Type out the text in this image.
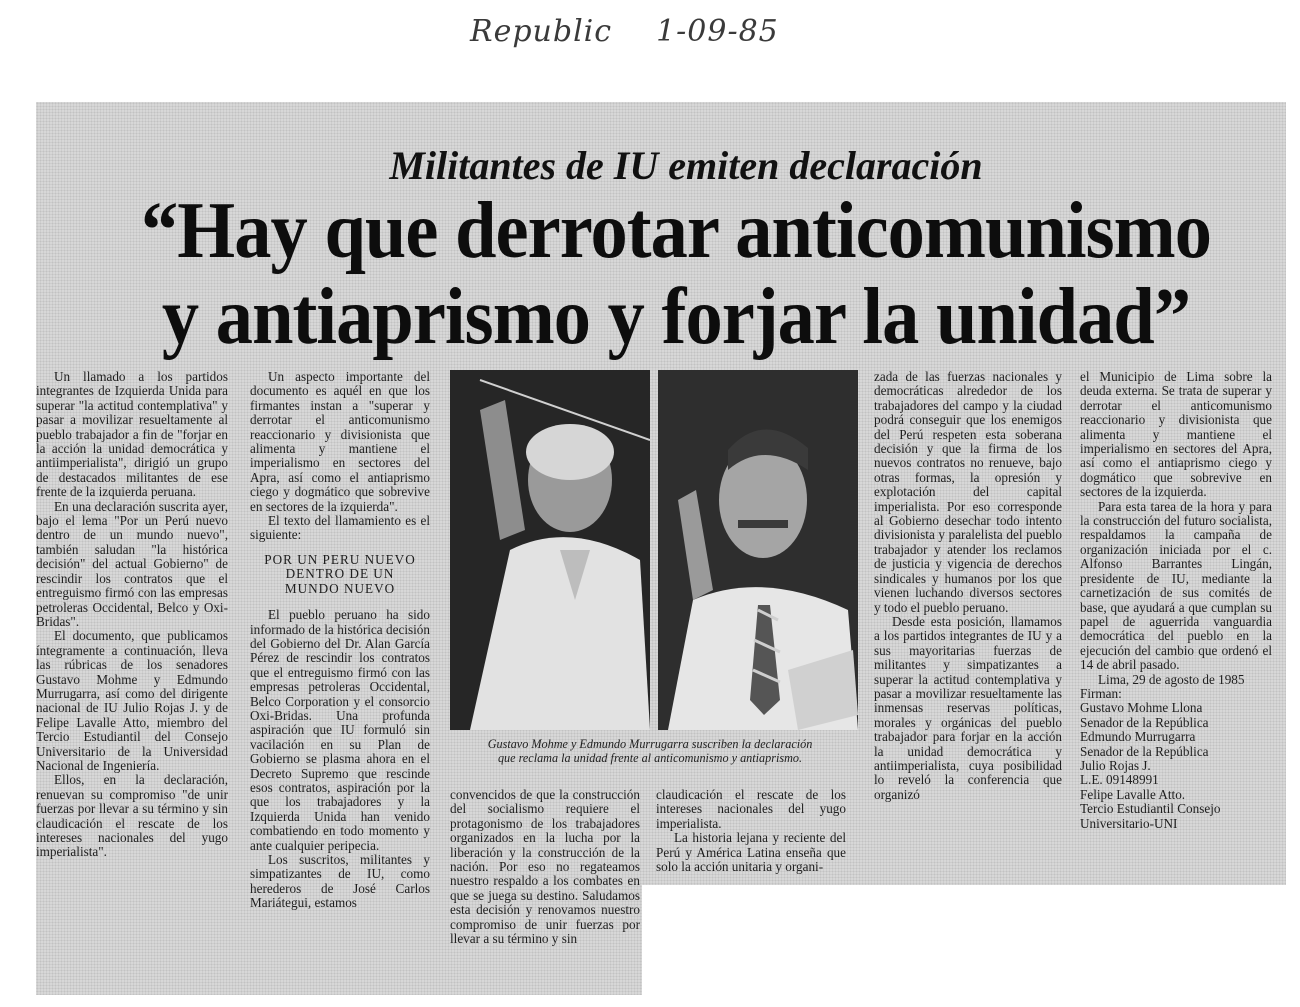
Republic 1-09-85
Militantes de IU emiten declaración
“Hay que derrotar anticomunismo
y antiaprismo y forjar la unidad”

Un llamado a los partidos integrantes de Izquierda Unida para superar "la actitud contemplativa" y pasar a movilizar resueltamente al pueblo trabajador a fin de "forjar en la acción la unidad democrática y antiimperialista", dirigió un grupo de destacados militantes de ese frente de la izquierda peruana.

En una declaración suscrita ayer, bajo el lema "Por un Perú nuevo dentro de un mundo nuevo", también saludan "la histórica decisión" del actual Gobierno" de rescindir los contratos que el entreguismo firmó con las empresas petroleras Occidental, Belco y Oxi-Bridas".

El documento, que publicamos íntegramente a continuación, lleva las rúbricas de los senadores Gustavo Mohme y Edmundo Murrugarra, así como del dirigente nacional de IU Julio Rojas J. y de Felipe Lavalle Atto, miembro del Tercio Estudiantil del Consejo Universitario de la Universidad Nacional de Ingeniería.

Ellos, en la declaración, renuevan su compromiso "de unir fuerzas por llevar a su término y sin claudicación el rescate de los intereses nacionales del yugo imperialista".

Un aspecto importante del documento es aquél en que los firmantes instan a "superar y derrotar el anticomunismo reaccionario y divisionista que alimenta y mantiene el imperialismo en sectores del Apra, así como el antiaprismo ciego y dogmático que sobrevive en sectores de la izquierda".

El texto del llamamiento es el siguiente:

POR UN PERU NUEVO
DENTRO DE UN
MUNDO NUEVO

El pueblo peruano ha sido informado de la histórica decisión del Gobierno del Dr. Alan García Pérez de rescindir los contratos que el entreguismo firmó con las empresas petroleras Occidental, Belco Corporation y el consorcio Oxi-Bridas. Una profunda aspiración que IU formuló sin vacilación en su Plan de Gobierno se plasma ahora en el Decreto Supremo que rescinde esos contratos, aspiración por la que los trabajadores y la Izquierda Unida han venido combatiendo en todo momento y ante cualquier peripecia.

Los suscritos, militantes y simpatizantes de IU, como herederos de José Carlos Mariátegui, estamos

Gustavo Mohme y Edmundo Murrugarra suscriben la declaración
que reclama la unidad frente al anticomunismo y antiaprismo.

convencidos de que la construcción del socialismo requiere el protagonismo de los trabajadores organizados en la lucha por la liberación y la construcción de la nación. Por eso no regateamos nuestro respaldo a los combates en que se juega su destino. Saludamos esta decisión y renovamos nuestro compromiso de unir fuerzas por llevar a su término y sin

claudicación el rescate de los intereses nacionales del yugo imperialista.

La historia lejana y reciente del Perú y América Latina enseña que solo la acción unitaria y organi-

zada de las fuerzas nacionales y democráticas alrededor de los trabajadores del campo y la ciudad podrá conseguir que los enemigos del Perú respeten esta soberana decisión y que la firma de los nuevos contratos no renueve, bajo otras formas, la opresión y explotación del capital imperialista. Por eso corresponde al Gobierno desechar todo intento divisionista y paralelista del pueblo trabajador y atender los reclamos de justicia y vigencia de derechos sindicales y humanos por los que vienen luchando diversos sectores y todo el pueblo peruano.

Desde esta posición, llamamos a los partidos integrantes de IU y a sus mayoritarias fuerzas de militantes y simpatizantes a superar la actitud contemplativa y pasar a movilizar resueltamente las inmensas reservas políticas, morales y orgánicas del pueblo trabajador para forjar en la acción la unidad democrática y antiimperialista, cuya posibilidad lo reveló la conferencia que organizó

el Municipio de Lima sobre la deuda externa. Se trata de superar y derrotar el anticomunismo reaccionario y divisionista que alimenta y mantiene el imperialismo en sectores del Apra, así como el antiaprismo ciego y dogmático que sobrevive en sectores de la izquierda.

Para esta tarea de la hora y para la construcción del futuro socialista, respaldamos la campaña de organización iniciada por el c. Alfonso Barrantes Lingán, presidente de IU, mediante la carnetización de sus comités de base, que ayudará a que cumplan su papel de aguerrida vanguardia democrática del pueblo en la ejecución del cambio que ordenó el 14 de abril pasado.

Lima, 29 de agosto de 1985

Firman:

Gustavo Mohme Llona

Senador de la República

Edmundo Murrugarra

Senador de la República

Julio Rojas J.

L.E. 09148991

Felipe Lavalle Atto.

Tercio Estudiantil Consejo

Universitario-UNI
